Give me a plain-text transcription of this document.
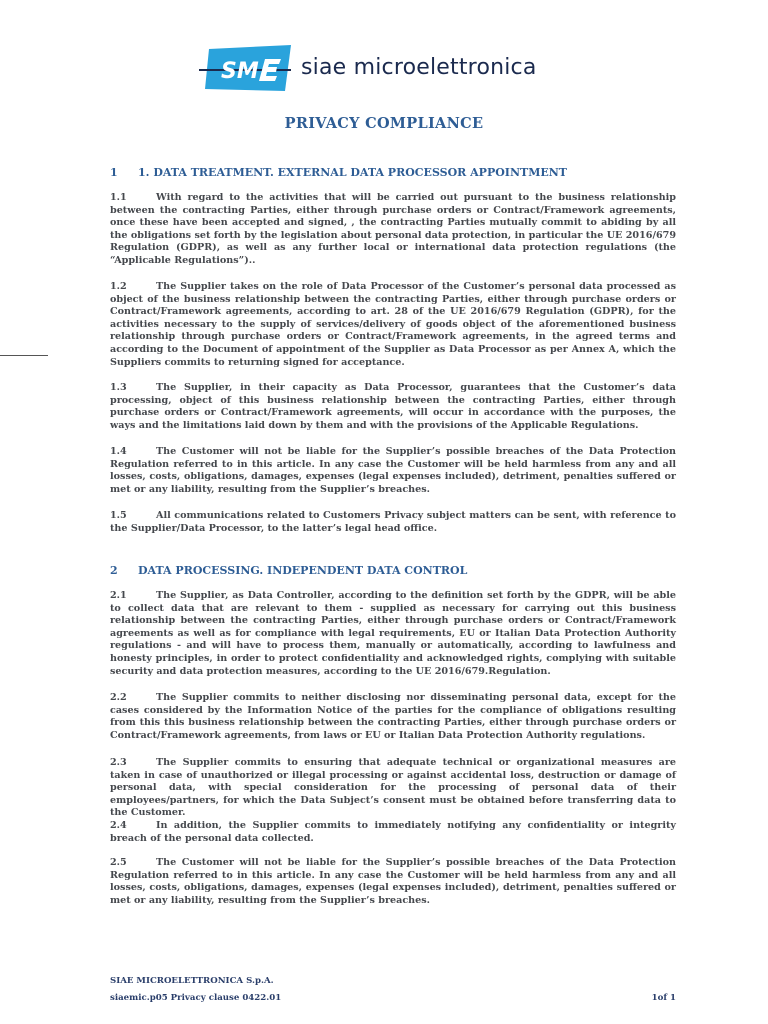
SM siae microelettronica
PRIVACY COMPLIANCE
1 1. DATA TREATMENT. EXTERNAL DATA PROCESSOR APPOINTMENT
1.1	With regard to the activities that will be carried out pursuant to the business relationship between the contracting Parties, either through purchase orders or Contract/Framework agreements, once these have been accepted and signed, , the contracting Parties mutually commit to abiding by all the obligations set forth by the legislation about personal data protection, in particular the UE 2016/679 Regulation (GDPR), as well as any further local or international data protection regulations (the “Applicable Regulations”)..
1.2	The Supplier takes on the role of Data Processor of the Customer’s personal data processed as object of the business relationship between the contracting Parties, either through purchase orders or Contract/Framework agreements, according to art. 28 of the UE 2016/679 Regulation (GDPR), for the activities necessary to the supply of services/delivery of goods object of the aforementioned business relationship through purchase orders or Contract/Framework agreements, in the agreed terms and according to the Document of appointment of the Supplier as Data Processor as per Annex A, which the Suppliers commits to returning signed for acceptance.
1.3	The Supplier, in their capacity as Data Processor, guarantees that the Customer’s data processing, object of this business relationship between the contracting Parties, either through purchase orders or Contract/Framework agreements, will occur in accordance with the purposes, the ways and the limitations laid down by them and with the provisions of the Applicable Regulations.
1.4	The Customer will not be liable for the Supplier’s possible breaches of the Data Protection Regulation referred to in this article. In any case the Customer will be held harmless from any and all losses, costs, obligations, damages, expenses (legal expenses included), detriment, penalties suffered or met or any liability, resulting from the Supplier’s breaches.
1.5	All communications related to Customers Privacy subject matters can be sent, with reference to the Supplier/Data Processor, to the latter’s legal head office.
2 DATA PROCESSING. INDEPENDENT DATA CONTROL
2.1	The Supplier, as Data Controller, according to the definition set forth by the GDPR, will be able to collect data that are relevant to them - supplied as necessary for carrying out this business relationship between the contracting Parties, either through purchase orders or Contract/Framework agreements as well as for compliance with legal requirements, EU or Italian Data Protection Authority regulations - and will have to process them, manually or automatically, according to lawfulness and honesty principles, in order to protect confidentiality and acknowledged rights, complying with suitable security and data protection measures, according to the UE 2016/679.Regulation.
2.2	The Supplier commits to neither disclosing nor disseminating personal data, except for the cases considered by the Information Notice of the parties for the compliance of obligations resulting from this this business relationship between the contracting Parties, either through purchase orders or Contract/Framework agreements, from laws or EU or Italian Data Protection Authority regulations.
2.3	The Supplier commits to ensuring that adequate technical or organizational measures are taken in case of unauthorized or illegal processing or against accidental loss, destruction or damage of personal data, with special consideration for the processing of personal data of their employees/partners, for which the Data Subject’s consent must be obtained before transferring data to the Customer.
2.4	In addition, the Supplier commits to immediately notifying any confidentiality or integrity breach of the personal data collected.
2.5	The Customer will not be liable for the Supplier’s possible breaches of the Data Protection Regulation referred to in this article. In any case the Customer will be held harmless from any and all losses, costs, obligations, damages, expenses (legal expenses included), detriment, penalties suffered or met or any liability, resulting from the Supplier’s breaches.
SIAE MICROELETTRONICA S.p.A.
siaemic.p05 Privacy clause 0422.01	1of 1
